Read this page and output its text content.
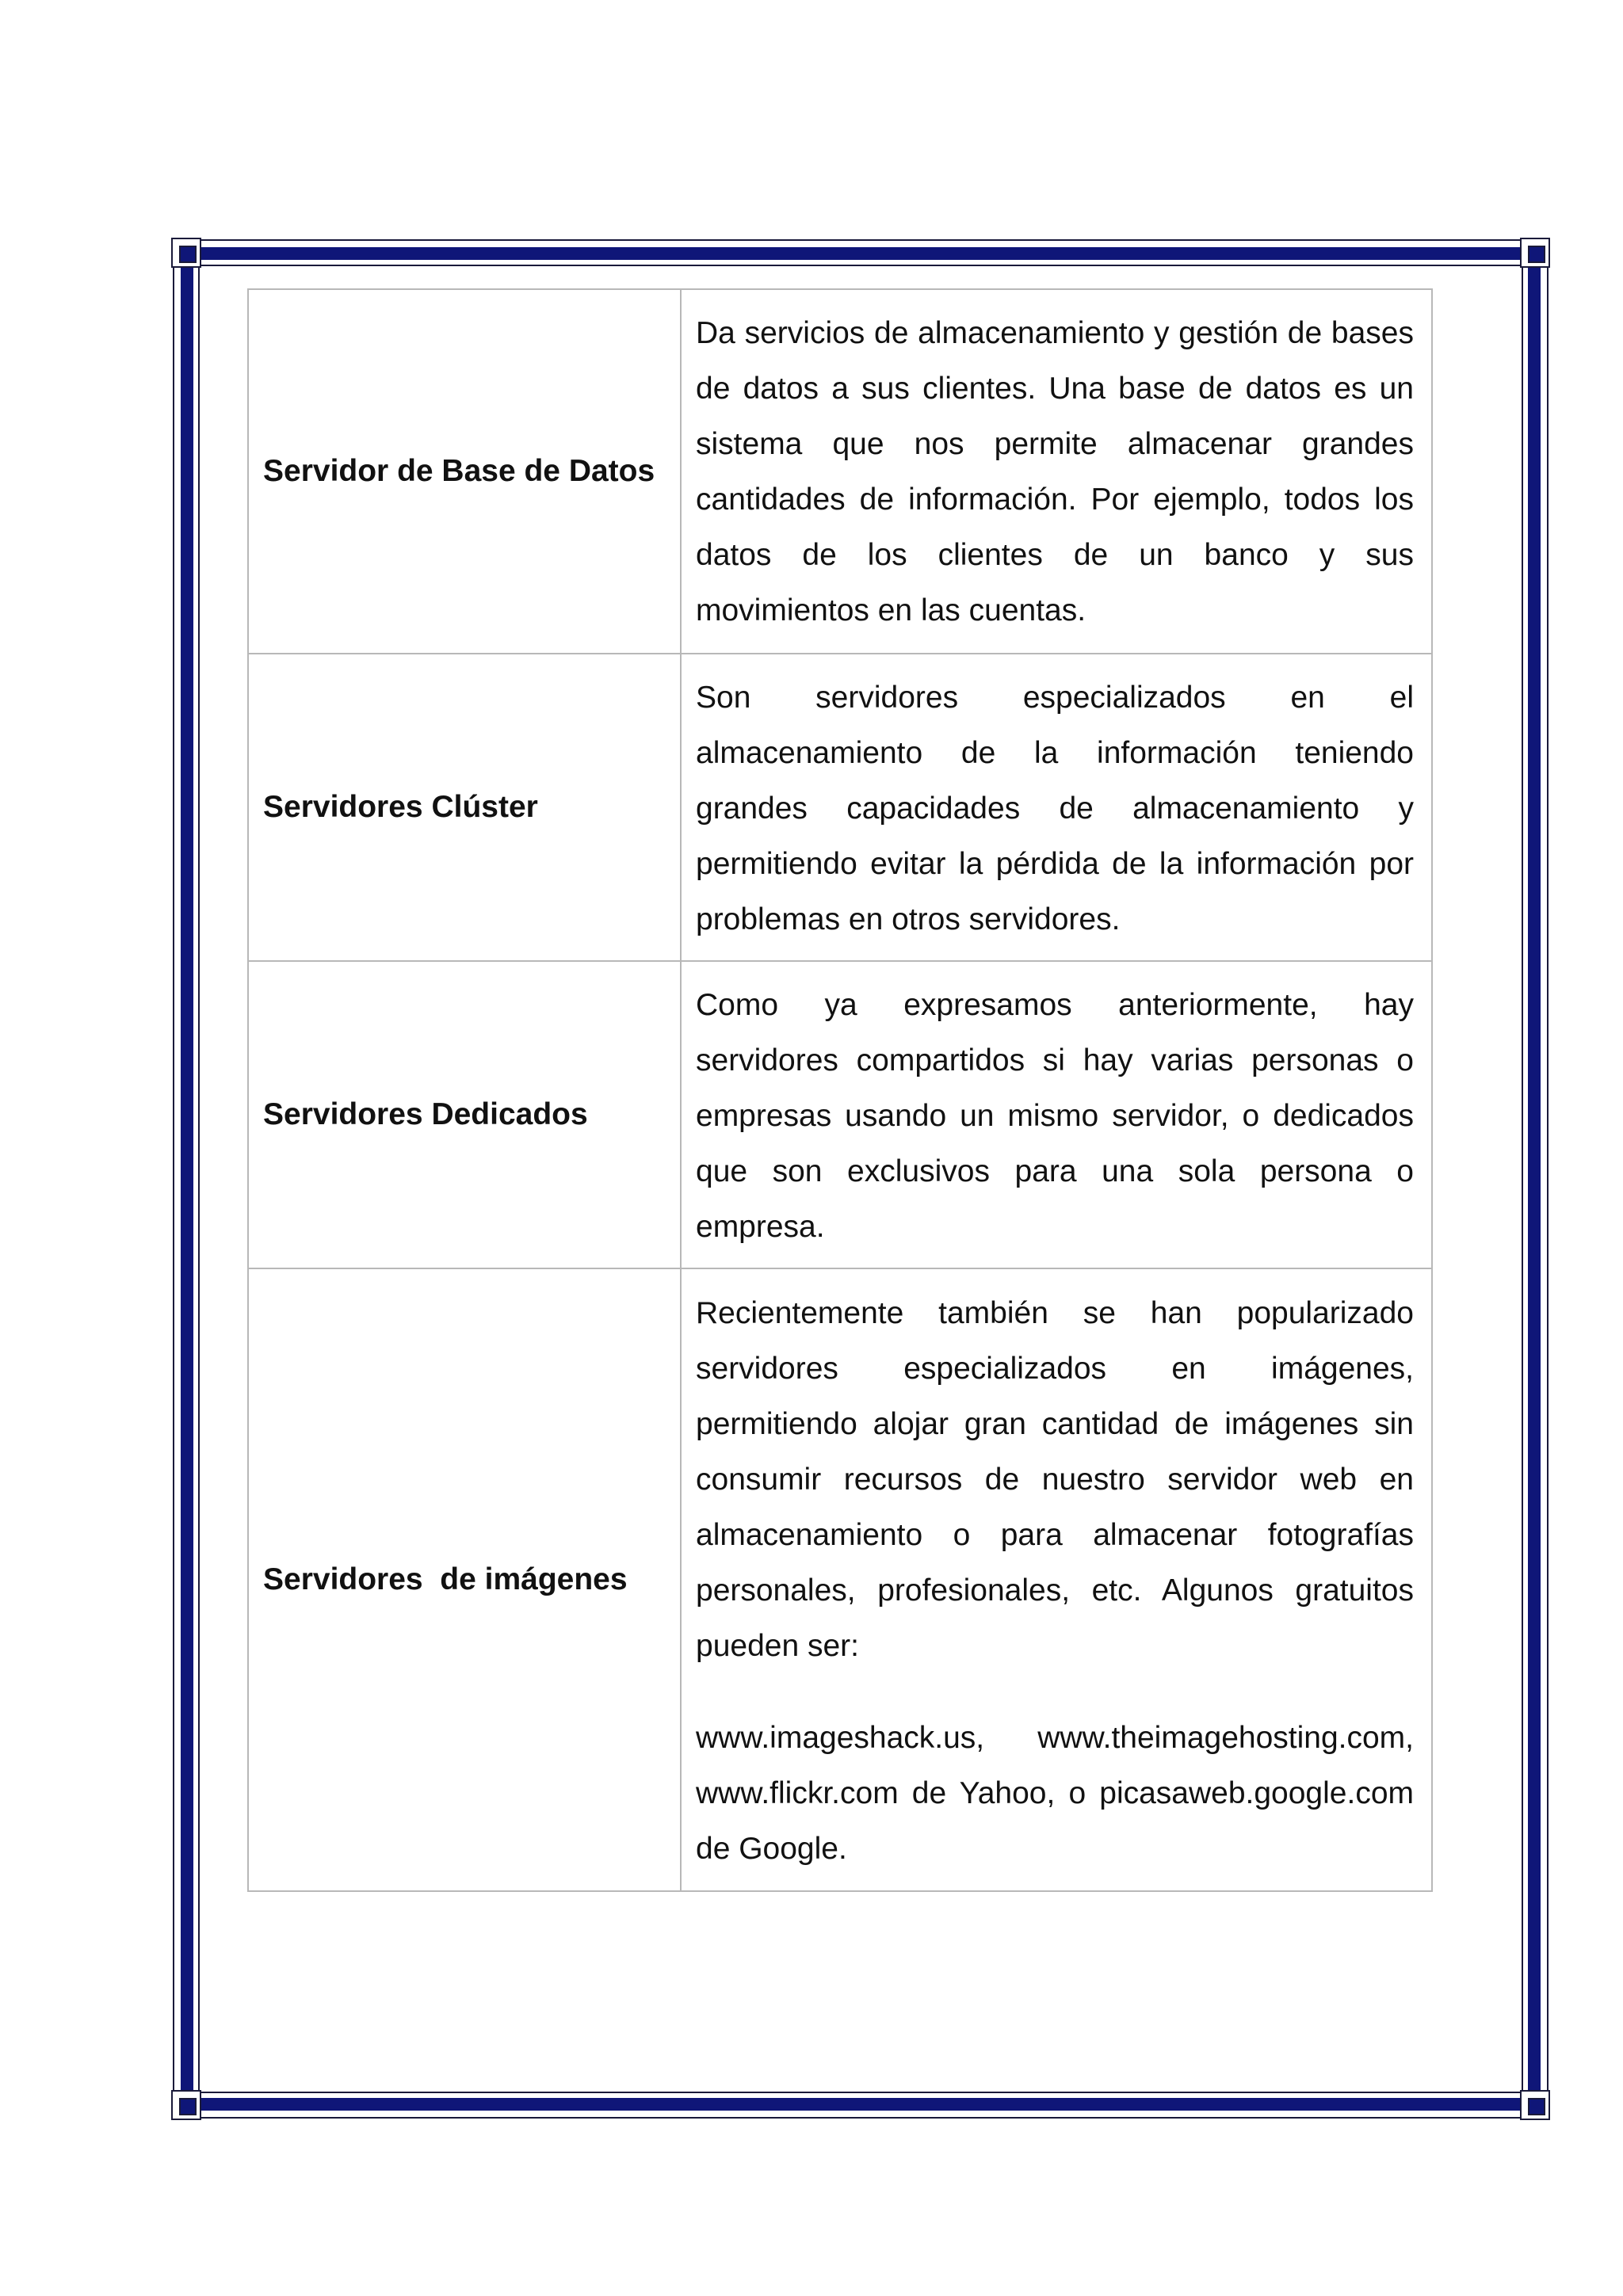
Servidor de Base de Datos	Da servicios de almacenamiento y gestión de bases de datos a sus clientes. Una base de datos es un sistema que nos permite almacenar grandes cantidades de información. Por ejemplo, todos los datos de los clientes de un banco y sus movimientos en las cuentas.

Servidores Clúster	Son servidores especializados en el almacenamiento de la información teniendo grandes capacidades de almacenamiento y permitiendo evitar la pérdida de la información por problemas en otros servidores.

Servidores Dedicados	Como ya expresamos anteriormente, hay servidores compartidos si hay varias personas o empresas usando un mismo servidor, o dedicados que son exclusivos para una sola persona o empresa.

Servidores  de imágenes	Recientemente también se han popularizado servidores especializados en imágenes, permitiendo alojar gran cantidad de imágenes sin consumir recursos de nuestro servidor web en almacenamiento o para almacenar fotografías personales, profesionales, etc. Algunos gratuitos pueden ser:

www.imageshack.us, www.theimagehosting.com, www.flickr.com de Yahoo, o picasaweb.google.com de Google.
